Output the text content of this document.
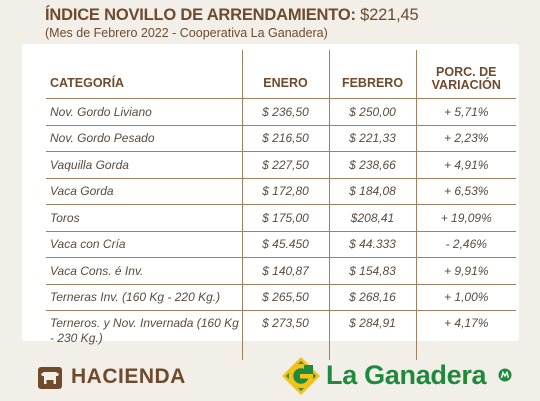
ÍNDICE NOVILLO DE ARRENDAMIENTO: $221,45
(Mes de Febrero 2022 - Cooperativa La Ganadera)
CATEGORÍA	ENERO	FEBRERO	PORC. DE
VARIACIÓN
Nov. Gordo Liviano	$ 236,50	$ 250,00	+ 5,71%
Nov. Gordo Pesado	$ 216,50	$ 221,33	+ 2,23%
Vaquilla Gorda	$ 227,50	$ 238,66	+ 4,91%
Vaca Gorda	$ 172,80	$ 184,08	+ 6,53%
Toros	$ 175,00	$208,41	+ 19,09%
Vaca con Cría	$ 45.450	$ 44.333	- 2,46%
Vaca Cons. é Inv.	$ 140,87	$ 154,83	+ 9,91%
Terneras Inv. (160 Kg - 220 Kg.)	$ 265,50	$ 268,16	+ 1,00%
Terneros. y Nov. Invernada (160 Kg - 230 Kg.)	$ 273,50	$ 284,91	+ 4,17%
HACIENDA	La Ganadera
